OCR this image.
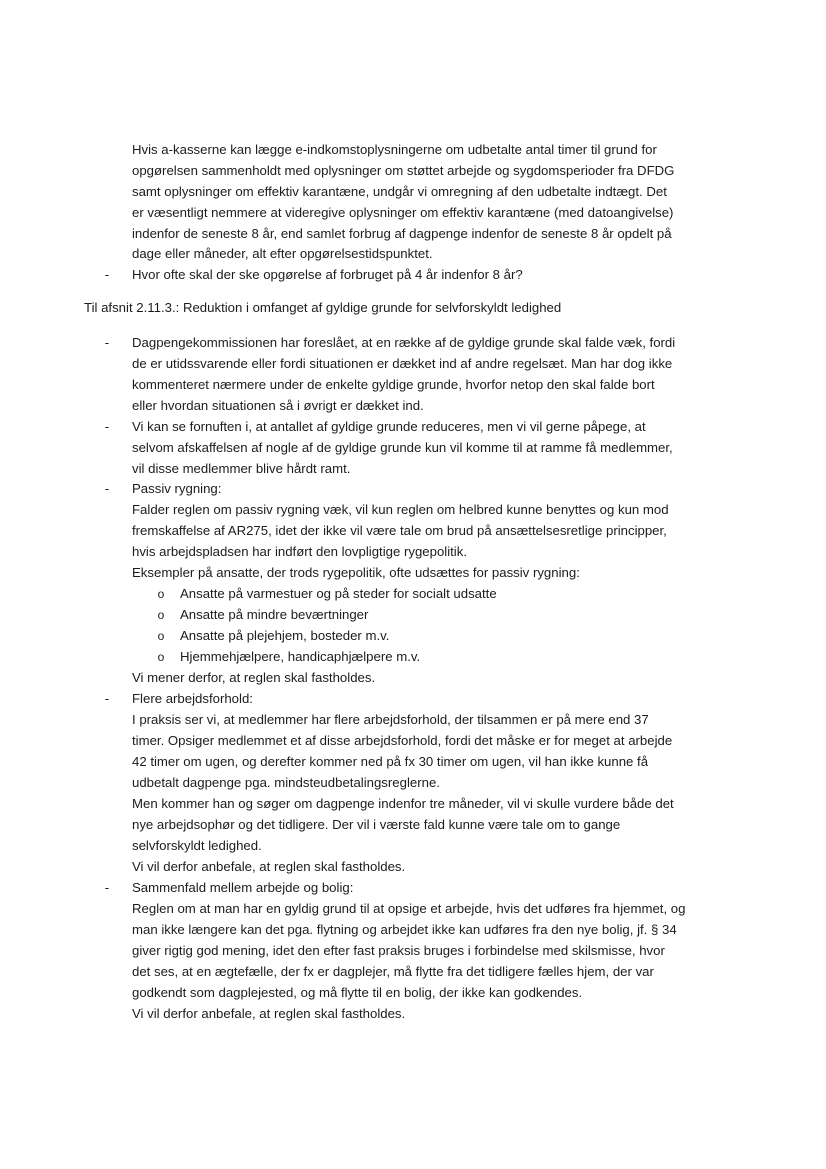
Hvis a-kasserne kan lægge e-indkomstoplysningerne om udbetalte antal timer til grund for
opgørelsen sammenholdt med oplysninger om støttet arbejde og sygdomsperioder fra DFDG
samt oplysninger om effektiv karantæne, undgår vi omregning af den udbetalte indtægt. Det
er væsentligt nemmere at videregive oplysninger om effektiv karantæne (med datoangivelse)
indenfor de seneste 8 år, end samlet forbrug af dagpenge indenfor de seneste 8 år opdelt på
dage eller måneder, alt efter opgørelsestidspunktet.
- Hvor ofte skal der ske opgørelse af forbruget på 4 år indenfor 8 år?
Til afsnit 2.11.3.: Reduktion i omfanget af gyldige grunde for selvforskyldt ledighed
- Dagpengekommissionen har foreslået, at en række af de gyldige grunde skal falde væk, fordi
de er utidssvarende eller fordi situationen er dækket ind af andre regelsæt. Man har dog ikke
kommenteret nærmere under de enkelte gyldige grunde, hvorfor netop den skal falde bort
eller hvordan situationen så i øvrigt er dækket ind.
- Vi kan se fornuften i, at antallet af gyldige grunde reduceres, men vi vil gerne påpege, at
selvom afskaffelsen af nogle af de gyldige grunde kun vil komme til at ramme få medlemmer,
vil disse medlemmer blive hårdt ramt.
- Passiv rygning:
Falder reglen om passiv rygning væk, vil kun reglen om helbred kunne benyttes og kun mod
fremskaffelse af AR275, idet der ikke vil være tale om brud på ansættelsesretlige principper,
hvis arbejdspladsen har indført den lovpligtige rygepolitik.
Eksempler på ansatte, der trods rygepolitik, ofte udsættes for passiv rygning:
o Ansatte på varmestuer og på steder for socialt udsatte
o Ansatte på mindre beværtninger
o Ansatte på plejehjem, bosteder m.v.
o Hjemmehjælpere, handicaphjælpere m.v.
Vi mener derfor, at reglen skal fastholdes.
- Flere arbejdsforhold:
I praksis ser vi, at medlemmer har flere arbejdsforhold, der tilsammen er på mere end 37
timer. Opsiger medlemmet et af disse arbejdsforhold, fordi det måske er for meget at arbejde
42 timer om ugen, og derefter kommer ned på fx 30 timer om ugen, vil han ikke kunne få
udbetalt dagpenge pga. mindsteudbetalingsreglerne.
Men kommer han og søger om dagpenge indenfor tre måneder, vil vi skulle vurdere både det
nye arbejdsophør og det tidligere. Der vil i værste fald kunne være tale om to gange
selvforskyldt ledighed.
Vi vil derfor anbefale, at reglen skal fastholdes.
- Sammenfald mellem arbejde og bolig:
Reglen om at man har en gyldig grund til at opsige et arbejde, hvis det udføres fra hjemmet, og
man ikke længere kan det pga. flytning og arbejdet ikke kan udføres fra den nye bolig, jf. § 34
giver rigtig god mening, idet den efter fast praksis bruges i forbindelse med skilsmisse, hvor
det ses, at en ægtefælle, der fx er dagplejer, må flytte fra det tidligere fælles hjem, der var
godkendt som dagplejested, og må flytte til en bolig, der ikke kan godkendes.
Vi vil derfor anbefale, at reglen skal fastholdes.
